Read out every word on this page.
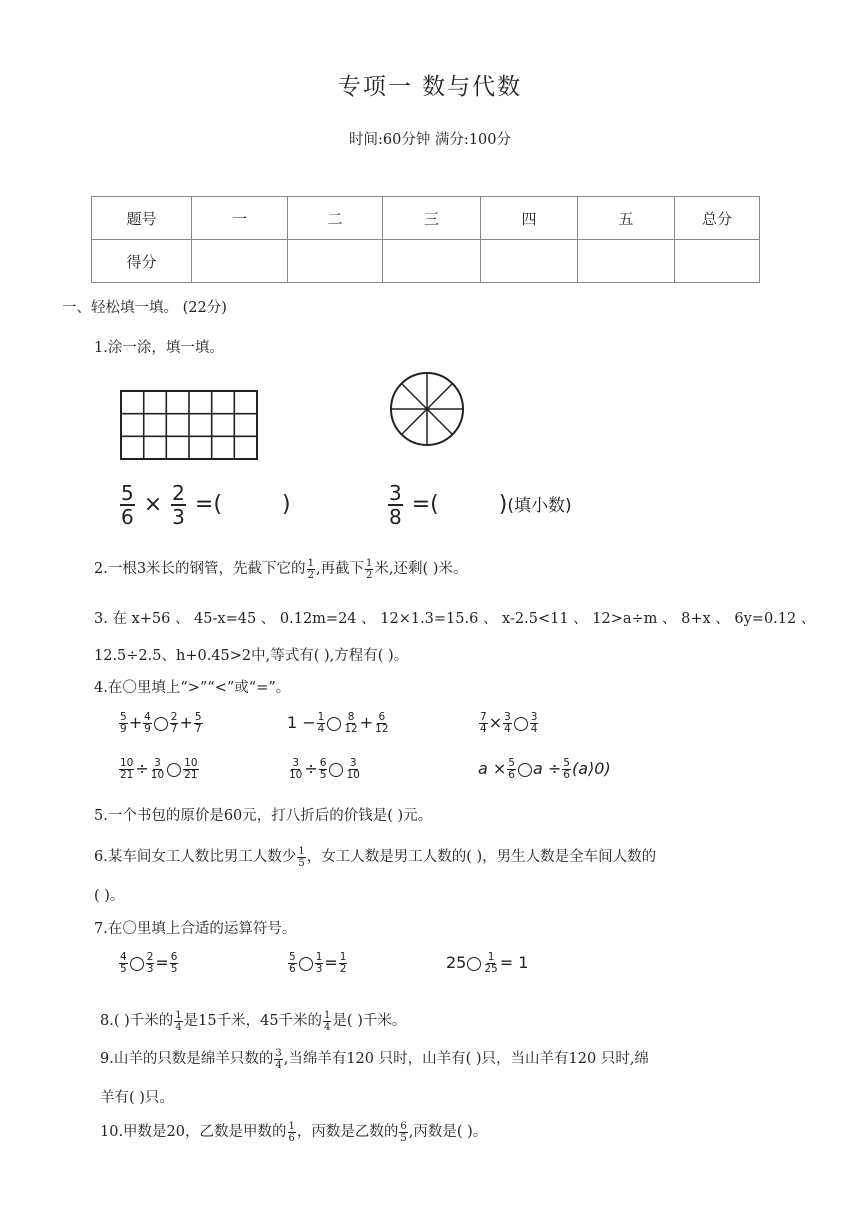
专项一 数与代数
时间:60分钟 满分:100分
题号	一	二	三	四	五	总分
得分						
一、轻松填一填。 (22分)
1.涂一涂，填一填。
$\frac{5}{6} \times \frac{2}{3}$ =(	)	$\frac{3}{8}$ =(	)(填小数)
2.一根3米长的钢管，先截下它的 $\frac{1}{2}$ ,再截下 $\frac{1}{2}$ 米,还剩( )米。
3. 在 x+56 、 45-x=45 、 0.12m=24 、 12×1.3=15.6 、 x-2.5<11 、 12>a÷m 、 8+x 、 6y=0.12 、
12.5÷2.5、h+0.45>2中,等式有( ),方程有( )。
4.在〇里填上“>”“<”或“=”。
$\frac{5}{9} + \frac{4}{9} \frac{2}{7} + \frac{5}{7}$	$1 - \frac{1}{4} \frac{8}{12} + \frac{6}{12}$	$\frac{7}{4} \times \frac{3}{4} \frac{3}{4}$
$\frac{10}{21} \div \frac{3}{10} \frac{10}{21}$	$\frac{3}{10} \div \frac{6}{5} \frac{3}{10}$	$a \times \frac{5}{6}$ $a \div \frac{5}{6}$ (a⟩0)
5.一个书包的原价是60元，打八折后的价钱是( )元。
6.某车间女工人数比男工人数少 $\frac{1}{5}$ ，女工人数是男工人数的( )，男生人数是全车间人数的
( )。
7.在〇里填上合适的运算符号。
$\frac{4}{5} \frac{2}{3} = \frac{6}{5}$	$\frac{5}{6} \frac{1}{3} = \frac{1}{2}$	$25 \frac{1}{25} = 1$
8.( )千米的 $\frac{1}{4}$ 是15千米，45千米的 $\frac{1}{4}$ 是( )千米。
9.山羊的只数是绵羊只数的 $\frac{3}{4}$ ,当绵羊有120 只时，山羊有( )只，当山羊有120 只时,绵
羊有( )只。
10.甲数是20，乙数是甲数的 $\frac{1}{6}$ ，丙数是乙数的 $\frac{6}{5}$ ,丙数是( )。
